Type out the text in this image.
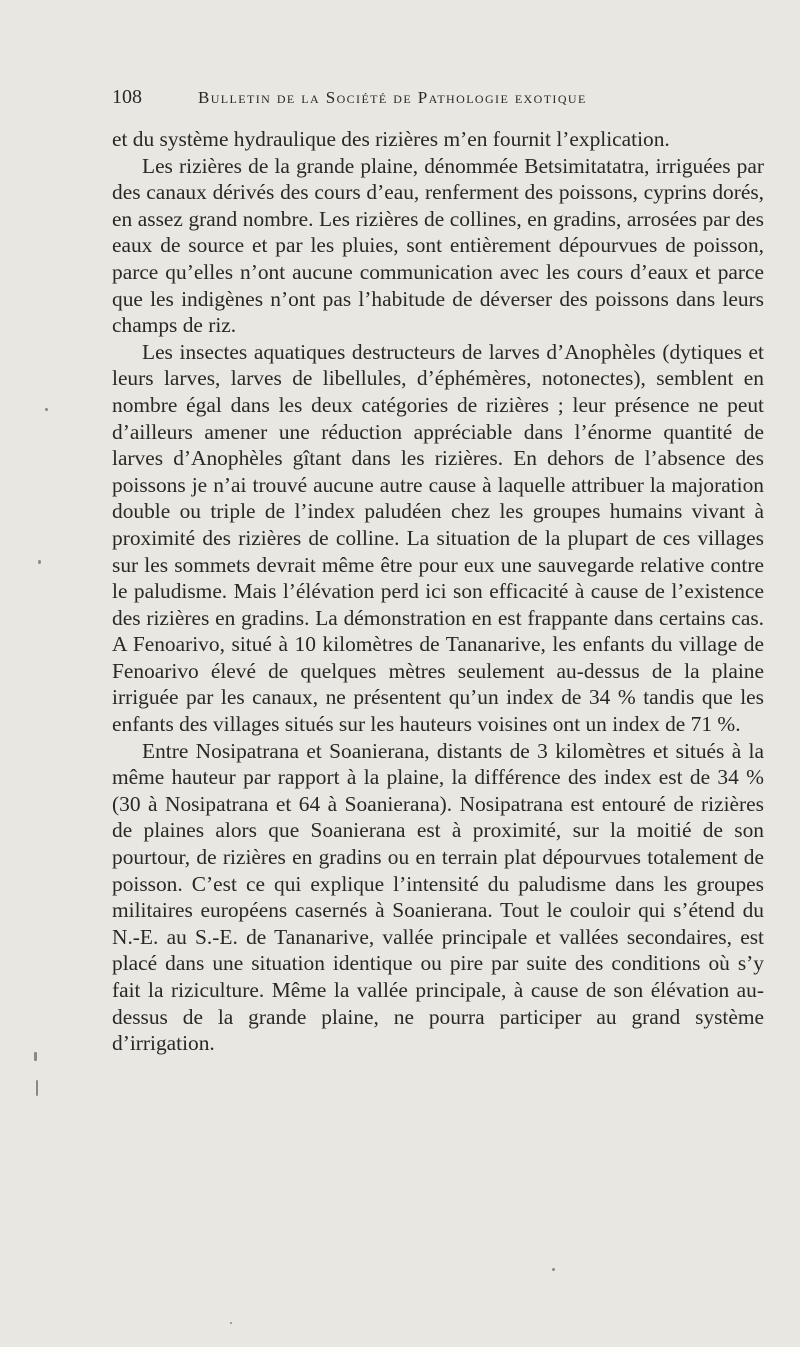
108	Bulletin de la Société de Pathologie exotique

et du système hydraulique des rizières m’en fournit l’explication.

Les rizières de la grande plaine, dénommée Betsimitatatra, irriguées par des canaux dérivés des cours d’eau, renferment des poissons, cyprins dorés, en assez grand nombre. Les rizières de collines, en gradins, arrosées par des eaux de source et par les pluies, sont entièrement dépourvues de poisson, parce qu’elles n’ont aucune communication avec les cours d’eaux et parce que les indigènes n’ont pas l’habitude de déverser des poissons dans leurs champs de riz.

Les insectes aquatiques destructeurs de larves d’Anophèles (dytiques et leurs larves, larves de libellules, d’éphémères, notonectes), semblent en nombre égal dans les deux catégories de rizières ; leur présence ne peut d’ailleurs amener une réduction appréciable dans l’énorme quantité de larves d’Anophèles gîtant dans les rizières. En dehors de l’absence des poissons je n’ai trouvé aucune autre cause à laquelle attribuer la majoration double ou triple de l’index paludéen chez les groupes humains vivant à proximité des rizières de colline. La situation de la plupart de ces villages sur les sommets devrait même être pour eux une sauvegarde relative contre le paludisme. Mais l’élévation perd ici son efficacité à cause de l’existence des rizières en gradins. La démonstration en est frappante dans certains cas. A Fenoarivo, situé à 10 kilomètres de Tananarive, les enfants du village de Fenoarivo élevé de quelques mètres seulement au-dessus de la plaine irriguée par les canaux, ne présentent qu’un index de 34 % tandis que les enfants des villages situés sur les hauteurs voisines ont un index de 71 %.

Entre Nosipatrana et Soanierana, distants de 3 kilomètres et situés à la même hauteur par rapport à la plaine, la différence des index est de 34 % (30 à Nosipatrana et 64 à Soanierana). Nosipatrana est entouré de rizières de plaines alors que Soanierana est à proximité, sur la moitié de son pourtour, de rizières en gradins ou en terrain plat dépourvues totalement de poisson. C’est ce qui explique l’intensité du paludisme dans les groupes militaires européens casernés à Soanierana. Tout le couloir qui s’étend du N.-E. au S.-E. de Tananarive, vallée principale et vallées secondaires, est placé dans une situation identique ou pire par suite des conditions où s’y fait la riziculture. Même la vallée principale, à cause de son élévation au-dessus de la grande plaine, ne pourra participer au grand système d’irrigation.
